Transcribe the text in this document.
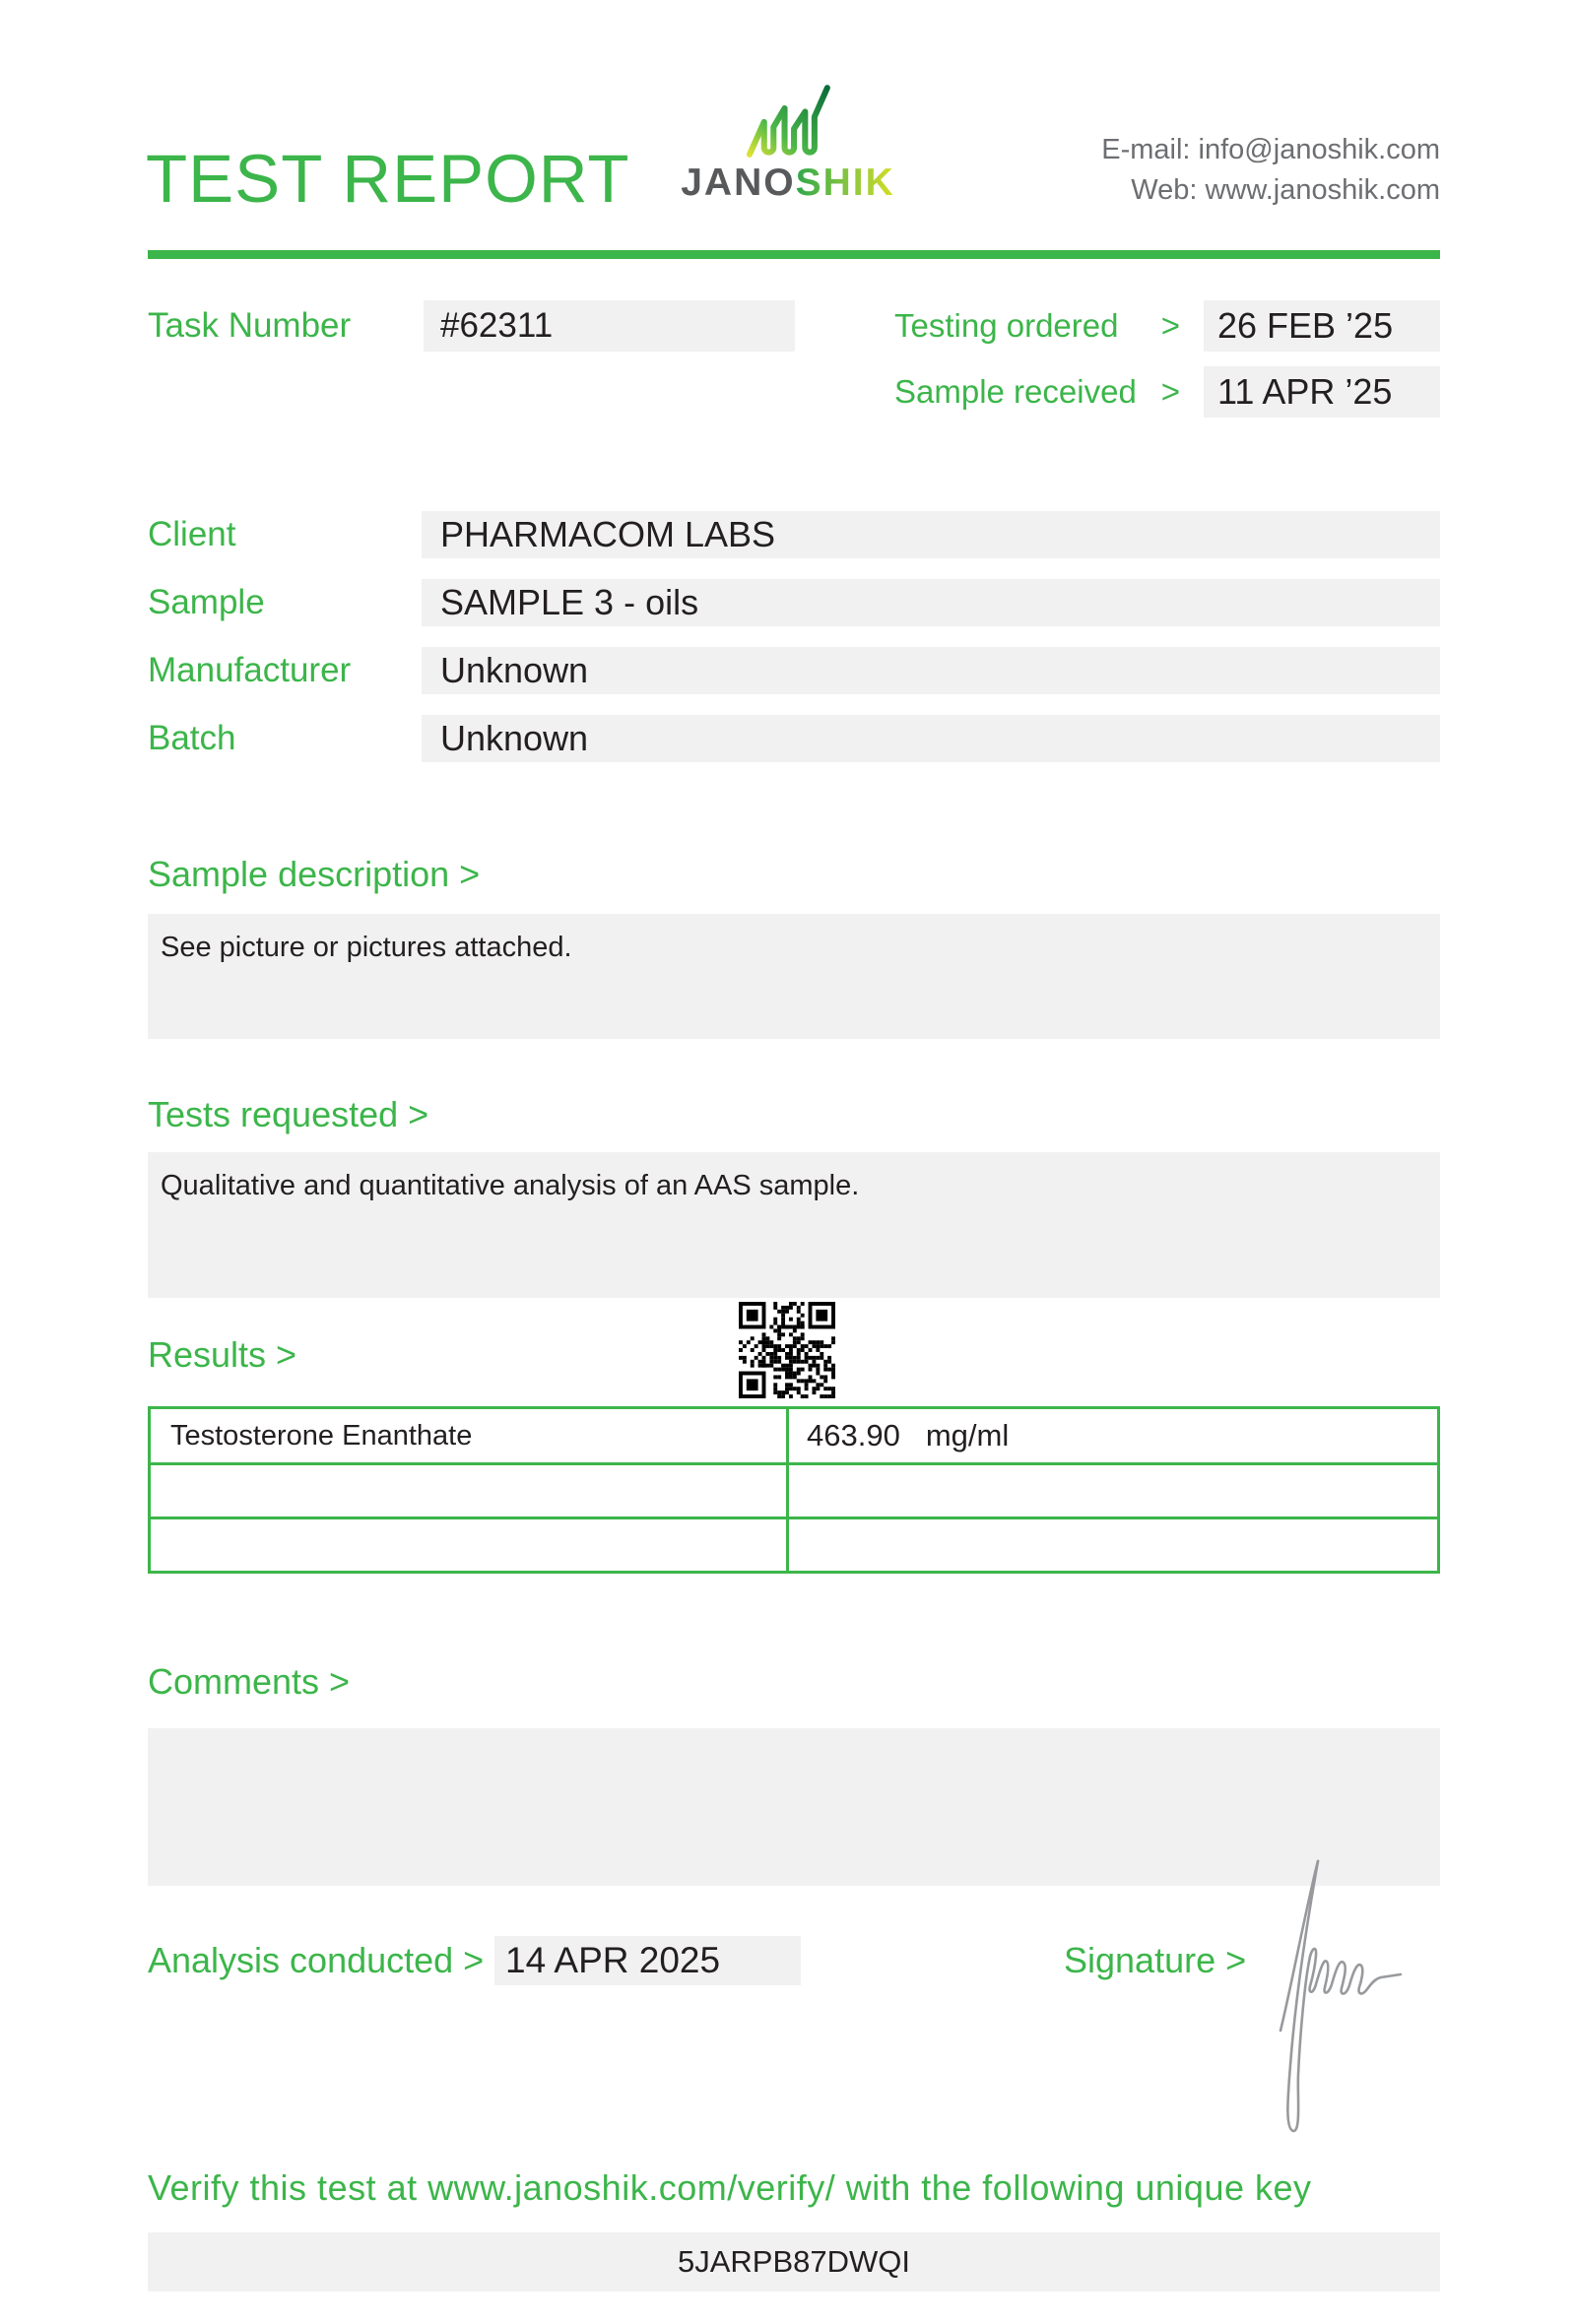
TEST REPORT JANOSHIK
E-mail: info@janoshik.com
Web: www.janoshik.com
Task Number	#62311	Testing ordered >	26 FEB ’25
Sample received >	11 APR ’25
Client	PHARMACOM LABS
Sample	SAMPLE 3 - oils
Manufacturer	Unknown
Batch	Unknown
Sample description >
See picture or pictures attached.
Tests requested >
Qualitative and quantitative analysis of an AAS sample.
Results >
Testosterone Enanthate	463.90 mg/ml

Comments >
Analysis conducted > 14 APR 2025	Signature >
Verify this test at www.janoshik.com/verify/ with the following unique key
5JARPB87DWQI
